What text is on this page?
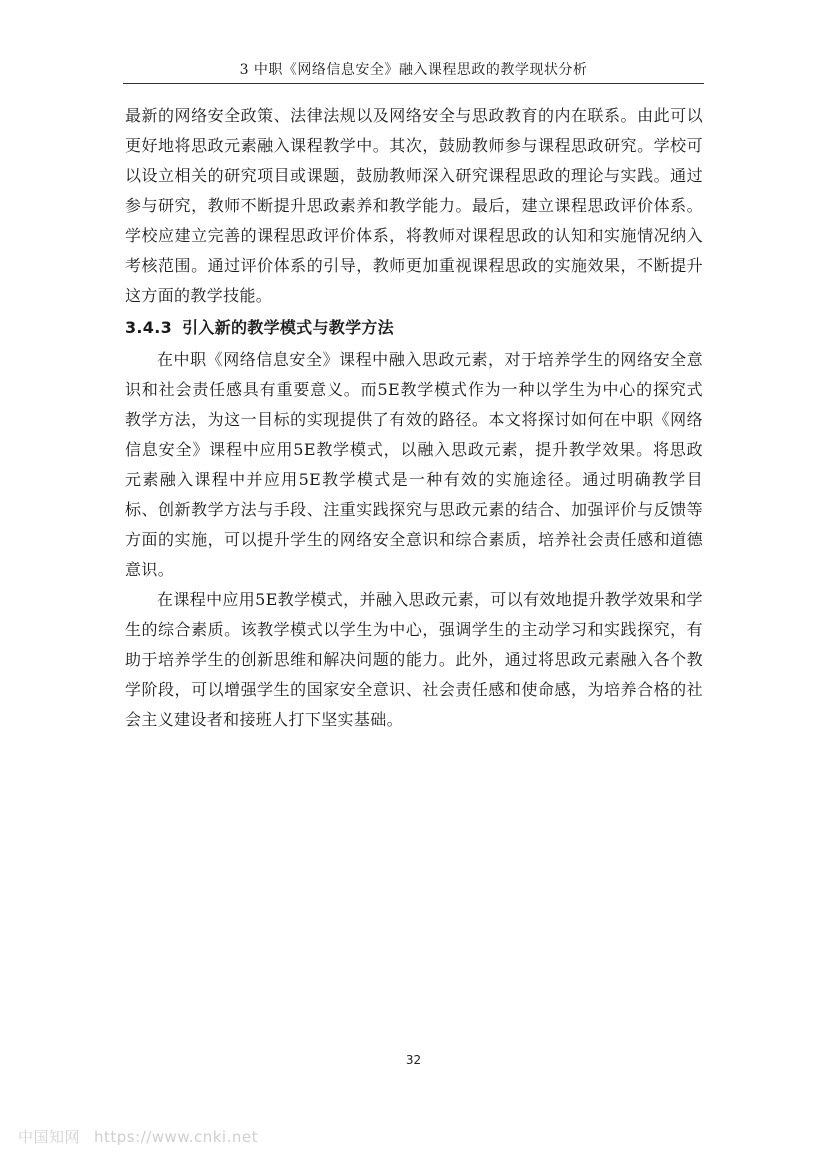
3 中职《网络信息安全》融入课程思政的教学现状分析

最新的网络安全政策、法律法规以及网络安全与思政教育的内在联系。由此可以更好地将思政元素融入课程教学中。其次，鼓励教师参与课程思政研究。学校可以设立相关的研究项目或课题，鼓励教师深入研究课程思政的理论与实践。通过参与研究，教师不断提升思政素养和教学能力。最后，建立课程思政评价体系。学校应建立完善的课程思政评价体系，将教师对课程思政的认知和实施情况纳入考核范围。通过评价体系的引导，教师更加重视课程思政的实施效果，不断提升这方面的教学技能。

3.4.3 引入新的教学模式与教学方法

在中职《网络信息安全》课程中融入思政元素，对于培养学生的网络安全意识和社会责任感具有重要意义。而5E教学模式作为一种以学生为中心的探究式教学方法，为这一目标的实现提供了有效的路径。本文将探讨如何在中职《网络信息安全》课程中应用5E教学模式，以融入思政元素，提升教学效果。将思政元素融入课程中并应用5E教学模式是一种有效的实施途径。通过明确教学目标、创新教学方法与手段、注重实践探究与思政元素的结合、加强评价与反馈等方面的实施，可以提升学生的网络安全意识和综合素质，培养社会责任感和道德意识。

在课程中应用5E教学模式，并融入思政元素，可以有效地提升教学效果和学生的综合素质。该教学模式以学生为中心，强调学生的主动学习和实践探究，有助于培养学生的创新思维和解决问题的能力。此外，通过将思政元素融入各个教学阶段，可以增强学生的国家安全意识、社会责任感和使命感，为培养合格的社会主义建设者和接班人打下坚实基础。

32
中国知网 https://www.cnki.net
